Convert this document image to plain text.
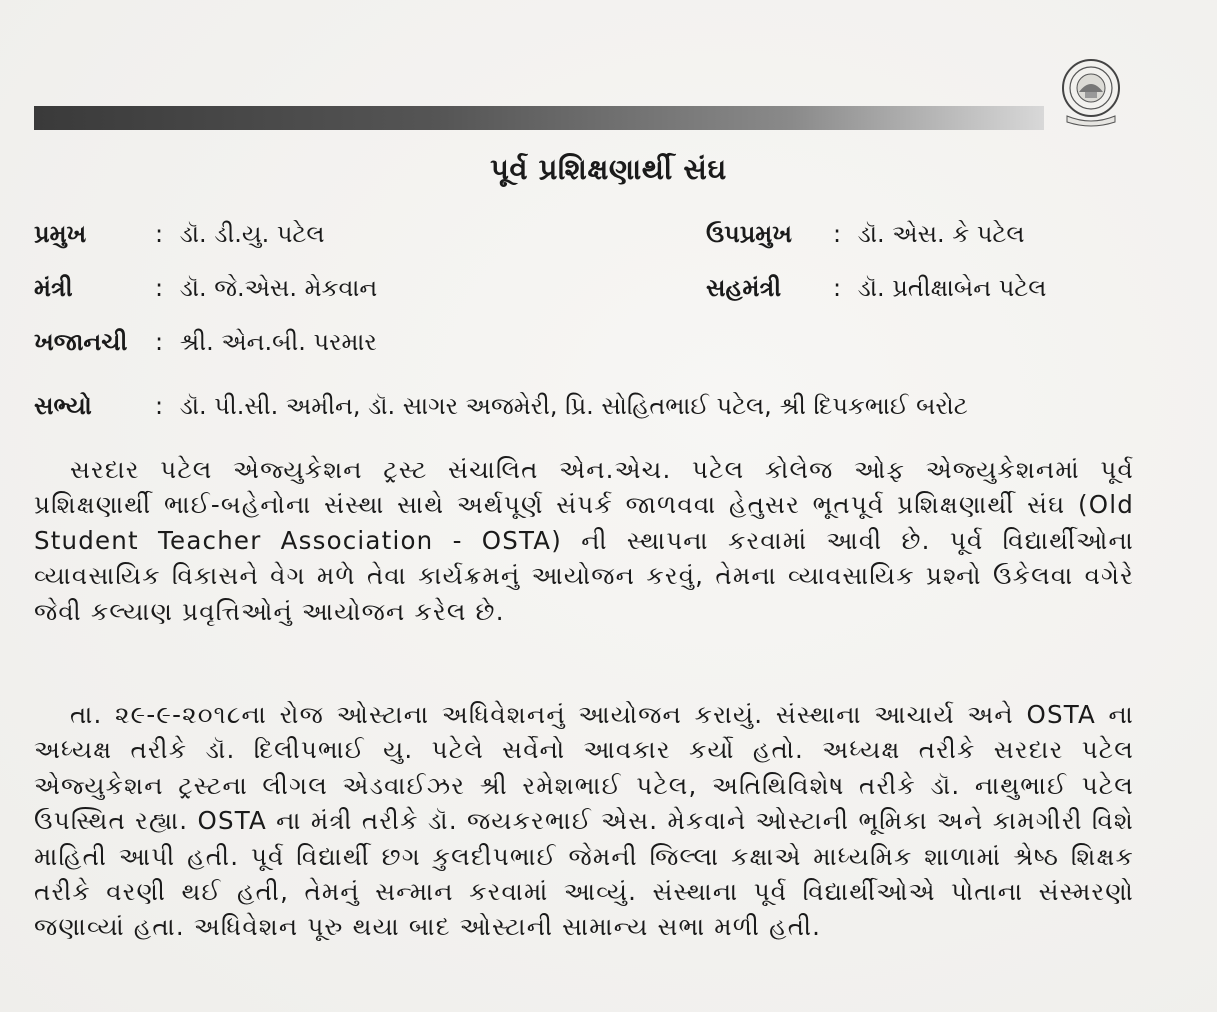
પૂર્વ પ્રશિક્ષણાર્થી સંઘ
પ્રમુખ	: ડૉ. ડી.યુ. પટેલ	ઉપપ્રમુખ : ડૉ. એસ. કે પટેલ
મંત્રી	: ડૉ. જે.એસ. મેકવાન	સહમંત્રી : ડૉ. પ્રતીક્ષાબેન પટેલ
ખજાનચી : શ્રી. એન.બી. પરમાર
સભ્યો	: ડૉ. પી.સી. અમીન, ડૉ. સાગર અજમેરી, પ્રિ. સોહિતભાઈ પટેલ, શ્રી દિપકભાઈ બરોટ
સરદાર પટેલ એજ્યુકેશન ટ્રસ્ટ સંચાલિત એન.એચ. પટેલ કોલેજ ઓફ એજ્યુકેશનમાં પૂર્વ પ્રશિક્ષણાર્થી ભાઈ-બહેનોના સંસ્થા સાથે અર્થપૂર્ણ સંપર્ક જાળવવા હેતુસર ભૂતપૂર્વ પ્રશિક્ષણાર્થી સંઘ (Old Student Teacher Association - OSTA) ની સ્થાપના કરવામાં આવી છે. પૂર્વ વિદ્યાર્થીઓના વ્યાવસાયિક વિકાસને વેગ મળે તેવા કાર્યક્રમનું આયોજન કરવું, તેમના વ્યાવસાયિક પ્રશ્નો ઉકેલવા વગેરે જેવી કલ્યાણ પ્રવૃત્તિઓનું આયોજન કરેલ છે.
તા. ૨૯-૯-૨૦૧૮ના રોજ ઓસ્ટાના અધિવેશનનું આયોજન કરાયું. સંસ્થાના આચાર્ય અને OSTA ના અધ્યક્ષ તરીકે ડૉ. દિલીપભાઈ યુ. પટેલે સર્વેનો આવકાર કર્યો હતો. અધ્યક્ષ તરીકે સરદાર પટેલ એજ્યુકેશન ટ્રસ્ટના લીગલ એડવાઈઝર શ્રી રમેશભાઈ પટેલ, અતિથિવિશેષ તરીકે ડૉ. નાથુભાઈ પટેલ ઉપસ્થિત રહ્યા. OSTA ના મંત્રી તરીકે ડૉ. જયકરભાઈ એસ. મેકવાને ઓસ્ટાની ભૂમિકા અને કામગીરી વિશે માહિતી આપી હતી. પૂર્વ વિદ્યાર્થી છગ કુલદીપભાઈ જેમની જિલ્લા કક્ષાએ માધ્યમિક શાળામાં શ્રેષ્ઠ શિક્ષક તરીકે વરણી થઈ હતી, તેમનું સન્માન કરવામાં આવ્યું. સંસ્થાના પૂર્વ વિદ્યાર્થીઓએ પોતાના સંસ્મરણો જણાવ્યાં હતા. અધિવેશન પૂરુ થયા બાદ ઓસ્ટાની સામાન્ય સભા મળી હતી.
